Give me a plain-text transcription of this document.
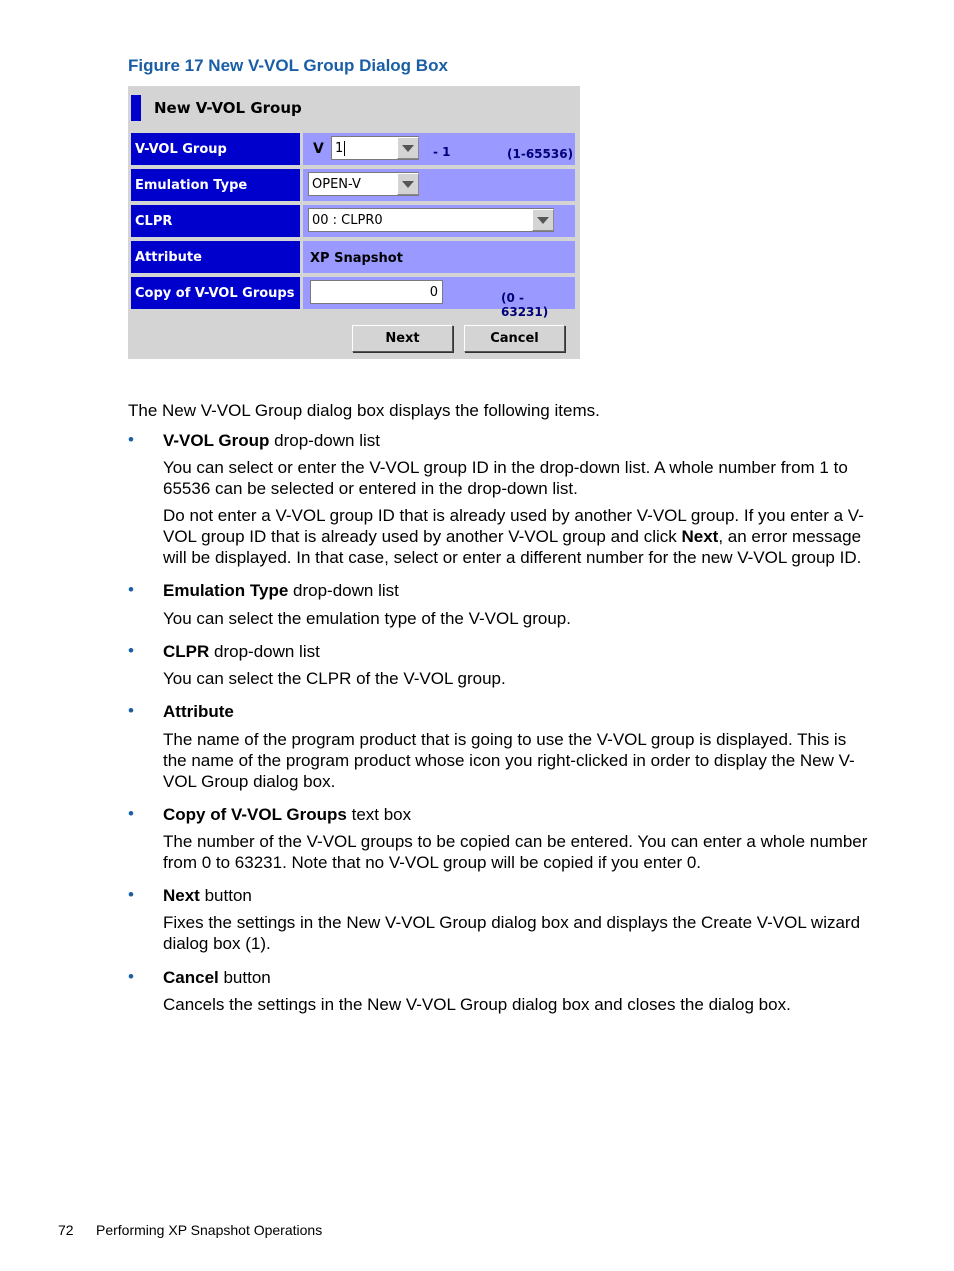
Figure 17 New V-VOL Group Dialog Box
New V-VOL Group
V-VOL Group	V 1	- 1	(1-65536)
Emulation Type	OPEN-V
CLPR	00 : CLPR0
Attribute	XP Snapshot
Copy of V-VOL Groups	0	(0 - 63231)
Next	Cancel
The New V-VOL Group dialog box displays the following items.
•	V-VOL Group drop-down list
You can select or enter the V-VOL group ID in the drop-down list. A whole number from 1 to 65536 can be selected or entered in the drop-down list.
Do not enter a V-VOL group ID that is already used by another V-VOL group. If you enter a V-VOL group ID that is already used by another V-VOL group and click Next, an error message will be displayed. In that case, select or enter a different number for the new V-VOL group ID.
•	Emulation Type drop-down list
You can select the emulation type of the V-VOL group.
•	CLPR drop-down list
You can select the CLPR of the V-VOL group.
•	Attribute
The name of the program product that is going to use the V-VOL group is displayed. This is the name of the program product whose icon you right-clicked in order to display the New V-VOL Group dialog box.
•	Copy of V-VOL Groups text box
The number of the V-VOL groups to be copied can be entered. You can enter a whole number from 0 to 63231. Note that no V-VOL group will be copied if you enter 0.
•	Next button
Fixes the settings in the New V-VOL Group dialog box and displays the Create V-VOL wizard dialog box (1).
•	Cancel button
Cancels the settings in the New V-VOL Group dialog box and closes the dialog box.
72 Performing XP Snapshot Operations
